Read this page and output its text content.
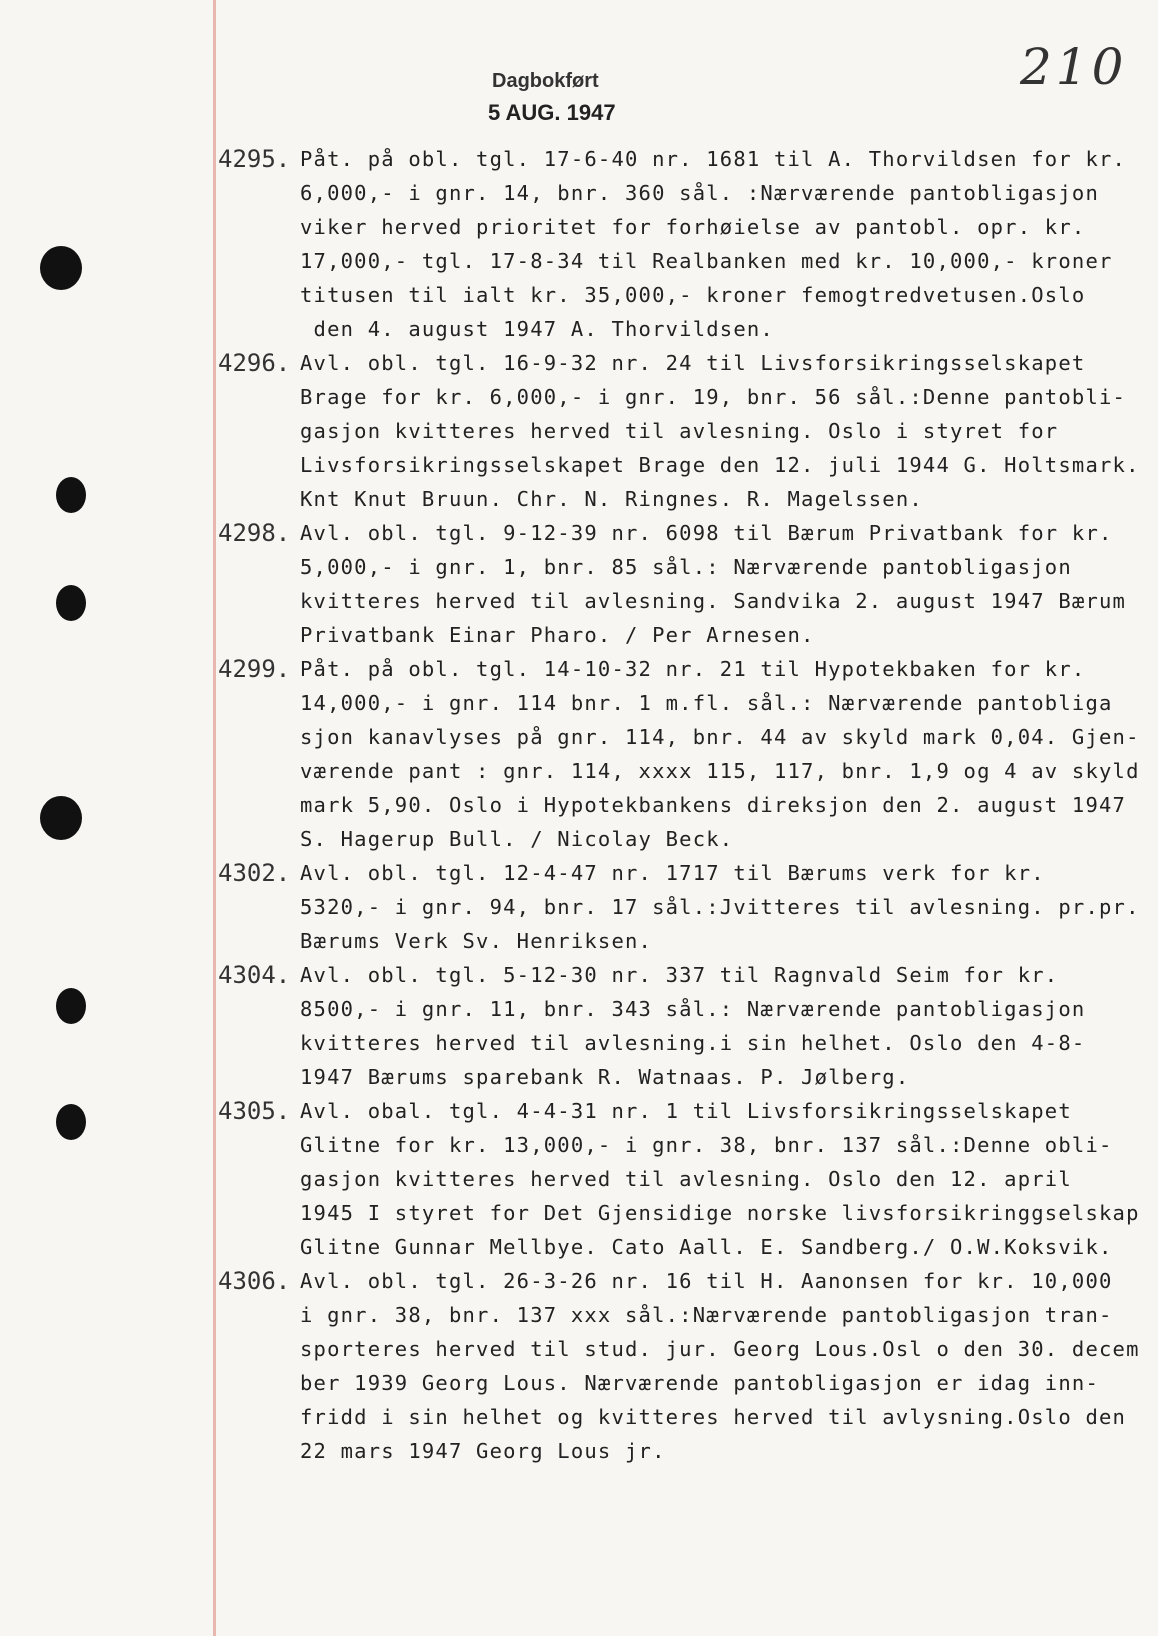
210
Dagbokført
5 AUG. 1947
4295. Påt. på obl. tgl. 17-6-40 nr. 1681 til A. Thorvildsen for kr.
6,000,- i gnr. 14, bnr. 360 sål. :Nærværende pantobligasjon
viker herved prioritet for forhøielse av pantobl. opr. kr.
17,000,- tgl. 17-8-34 til Realbanken med kr. 10,000,- kroner
titusen til ialt kr. 35,000,- kroner femogtredvetusen.Oslo
den 4. august 1947 A. Thorvildsen.
4296. Avl. obl. tgl. 16-9-32 nr. 24 til Livsforsikringsselskapet
Brage for kr. 6,000,- i gnr. 19, bnr. 56 sål.:Denne pantobli-
gasjon kvitteres herved til avlesning. Oslo i styret for
Livsforsikringsselskapet Brage den 12. juli 1944 G. Holtsmark.
Knt Knut Bruun. Chr. N. Ringnes. R. Magelssen.
4298. Avl. obl. tgl. 9-12-39 nr. 6098 til Bærum Privatbank for kr.
5,000,- i gnr. 1, bnr. 85 sål.: Nærværende pantobligasjon
kvitteres herved til avlesning. Sandvika 2. august 1947 Bærum
Privatbank Einar Pharo. / Per Arnesen.
4299. Påt. på obl. tgl. 14-10-32 nr. 21 til Hypotekbaken for kr.
14,000,- i gnr. 114 bnr. 1 m.fl. sål.: Nærværende pantobliga
sjon kanavlyses på gnr. 114, bnr. 44 av skyld mark 0,04. Gjen-
værende pant : gnr. 114, xxxx 115, 117, bnr. 1,9 og 4 av skyld
mark 5,90. Oslo i Hypotekbankens direksjon den 2. august 1947
S. Hagerup Bull. / Nicolay Beck.
4302. Avl. obl. tgl. 12-4-47 nr. 1717 til Bærums verk for kr.
5320,- i gnr. 94, bnr. 17 sål.:Jvitteres til avlesning. pr.pr.
Bærums Verk Sv. Henriksen.
4304. Avl. obl. tgl. 5-12-30 nr. 337 til Ragnvald Seim for kr.
8500,- i gnr. 11, bnr. 343 sål.: Nærværende pantobligasjon
kvitteres herved til avlesning.i sin helhet. Oslo den 4-8-
1947 Bærums sparebank R. Watnaas. P. Jølberg.
4305. Avl. obal. tgl. 4-4-31 nr. 1 til Livsforsikringsselskapet
Glitne for kr. 13,000,- i gnr. 38, bnr. 137 sål.:Denne obli-
gasjon kvitteres herved til avlesning. Oslo den 12. april
1945 I styret for Det Gjensidige norske livsforsikringgselskap
Glitne Gunnar Mellbye. Cato Aall. E. Sandberg./ O.W.Koksvik.
4306. Avl. obl. tgl. 26-3-26 nr. 16 til H. Aanonsen for kr. 10,000
i gnr. 38, bnr. 137 xxx sål.:Nærværende pantobligasjon tran-
sporteres herved til stud. jur. Georg Lous.Osl o den 30. decem
ber 1939 Georg Lous. Nærværende pantobligasjon er idag inn-
fridd i sin helhet og kvitteres herved til avlysning.Oslo den
22 mars 1947 Georg Lous jr.
